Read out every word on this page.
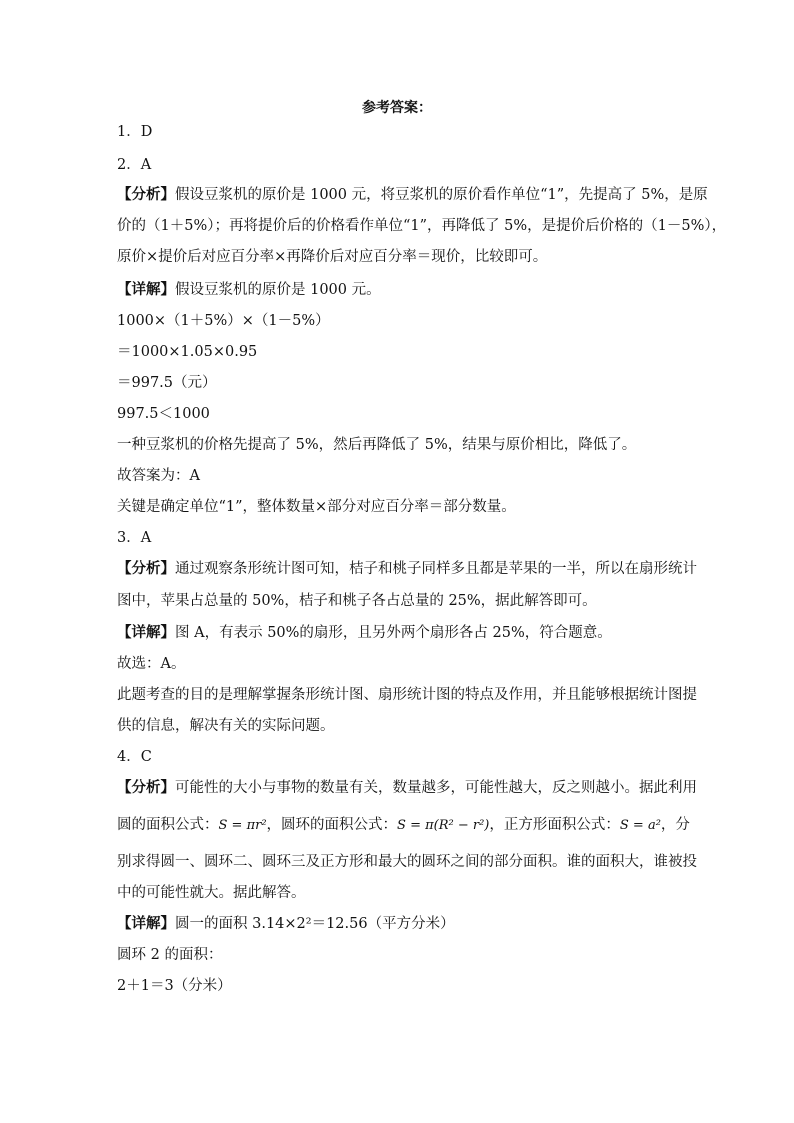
参考答案：
1．D
2．A
【分析】假设豆浆机的原价是 1000 元，将豆浆机的原价看作单位“1”，先提高了 5%，是原
价的（1＋5%）；再将提价后的价格看作单位“1”，再降低了 5%，是提价后价格的（1－5%），
原价×提价后对应百分率×再降价后对应百分率＝现价，比较即可。
【详解】假设豆浆机的原价是 1000 元。
1000×（1＋5%）×（1－5%）
＝1000×1.05×0.95
＝997.5（元）
997.5＜1000
一种豆浆机的价格先提高了 5%，然后再降低了 5%，结果与原价相比，降低了。
故答案为：A
关键是确定单位“1”，整体数量×部分对应百分率＝部分数量。
3．A
【分析】通过观察条形统计图可知，桔子和桃子同样多且都是苹果的一半，所以在扇形统计
图中，苹果占总量的 50%，桔子和桃子各占总量的 25%，据此解答即可。
【详解】图 A，有表示 50%的扇形，且另外两个扇形各占 25%，符合题意。
故选：A。
此题考查的目的是理解掌握条形统计图、扇形统计图的特点及作用，并且能够根据统计图提
供的信息，解决有关的实际问题。
4．C
【分析】可能性的大小与事物的数量有关，数量越多，可能性越大，反之则越小。据此利用
圆的面积公式：S = πr²，圆环的面积公式：S = π(R² − r²)，正方形面积公式：S = a²，分
别求得圆一、圆环二、圆环三及正方形和最大的圆环之间的部分面积。谁的面积大，谁被投
中的可能性就大。据此解答。
【详解】圆一的面积 3.14×2²＝12.56（平方分米）
圆环 2 的面积：
2＋1＝3（分米）
